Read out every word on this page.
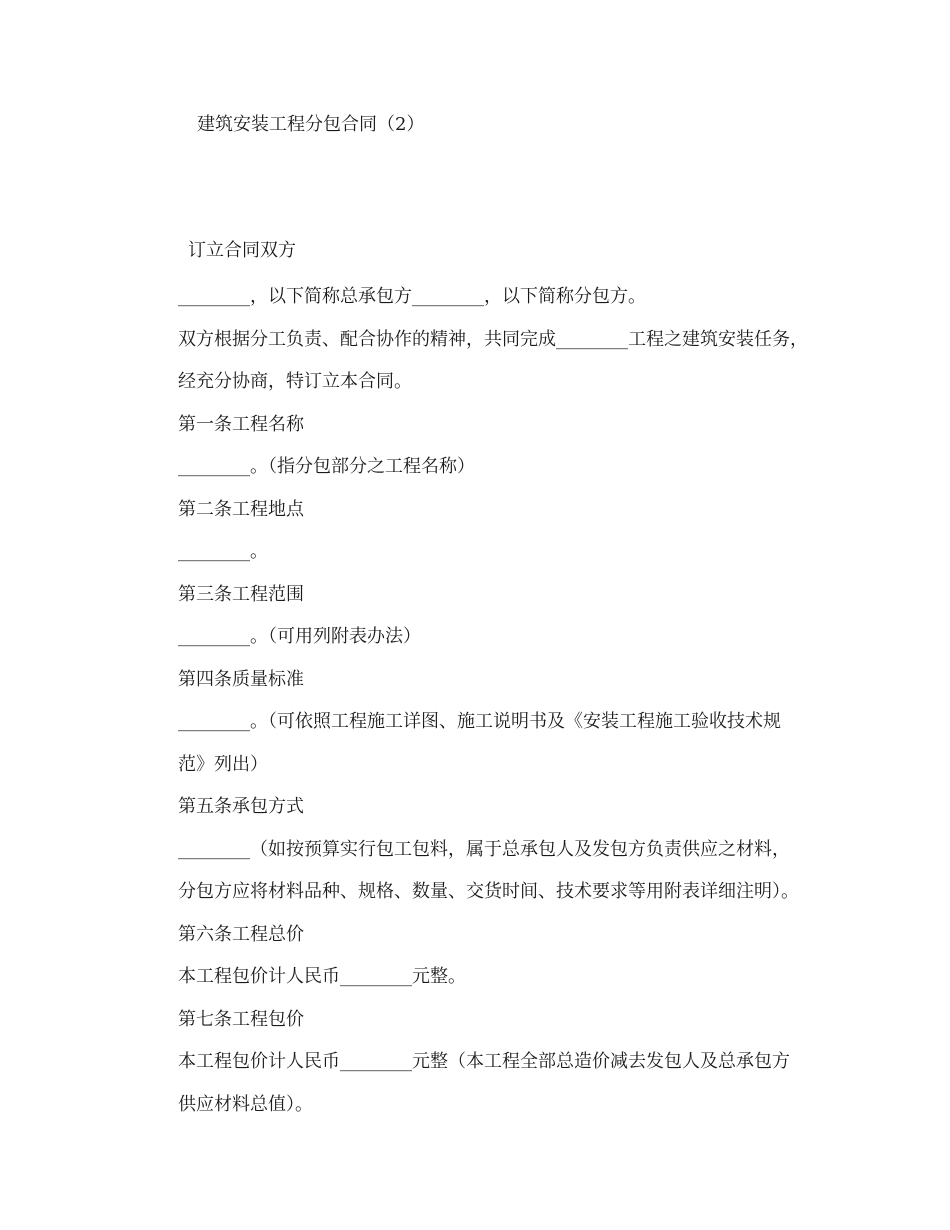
建筑安装工程分包合同（2）
订立合同双方
________，以下简称总承包方________，以下简称分包方。
双方根据分工负责、配合协作的精神，共同完成________工程之建筑安装任务，
经充分协商，特订立本合同。
第一条工程名称
________。（指分包部分之工程名称）
第二条工程地点
________。
第三条工程范围
________。（可用列附表办法）
第四条质量标准
________。（可依照工程施工详图、施工说明书及《安装工程施工验收技术规
范》列出）
第五条承包方式
________（如按预算实行包工包料，属于总承包人及发包方负责供应之材料，
分包方应将材料品种、规格、数量、交货时间、技术要求等用附表详细注明）。
第六条工程总价
本工程包价计人民币________元整。
第七条工程包价
本工程包价计人民币________元整（本工程全部总造价减去发包人及总承包方
供应材料总值）。
